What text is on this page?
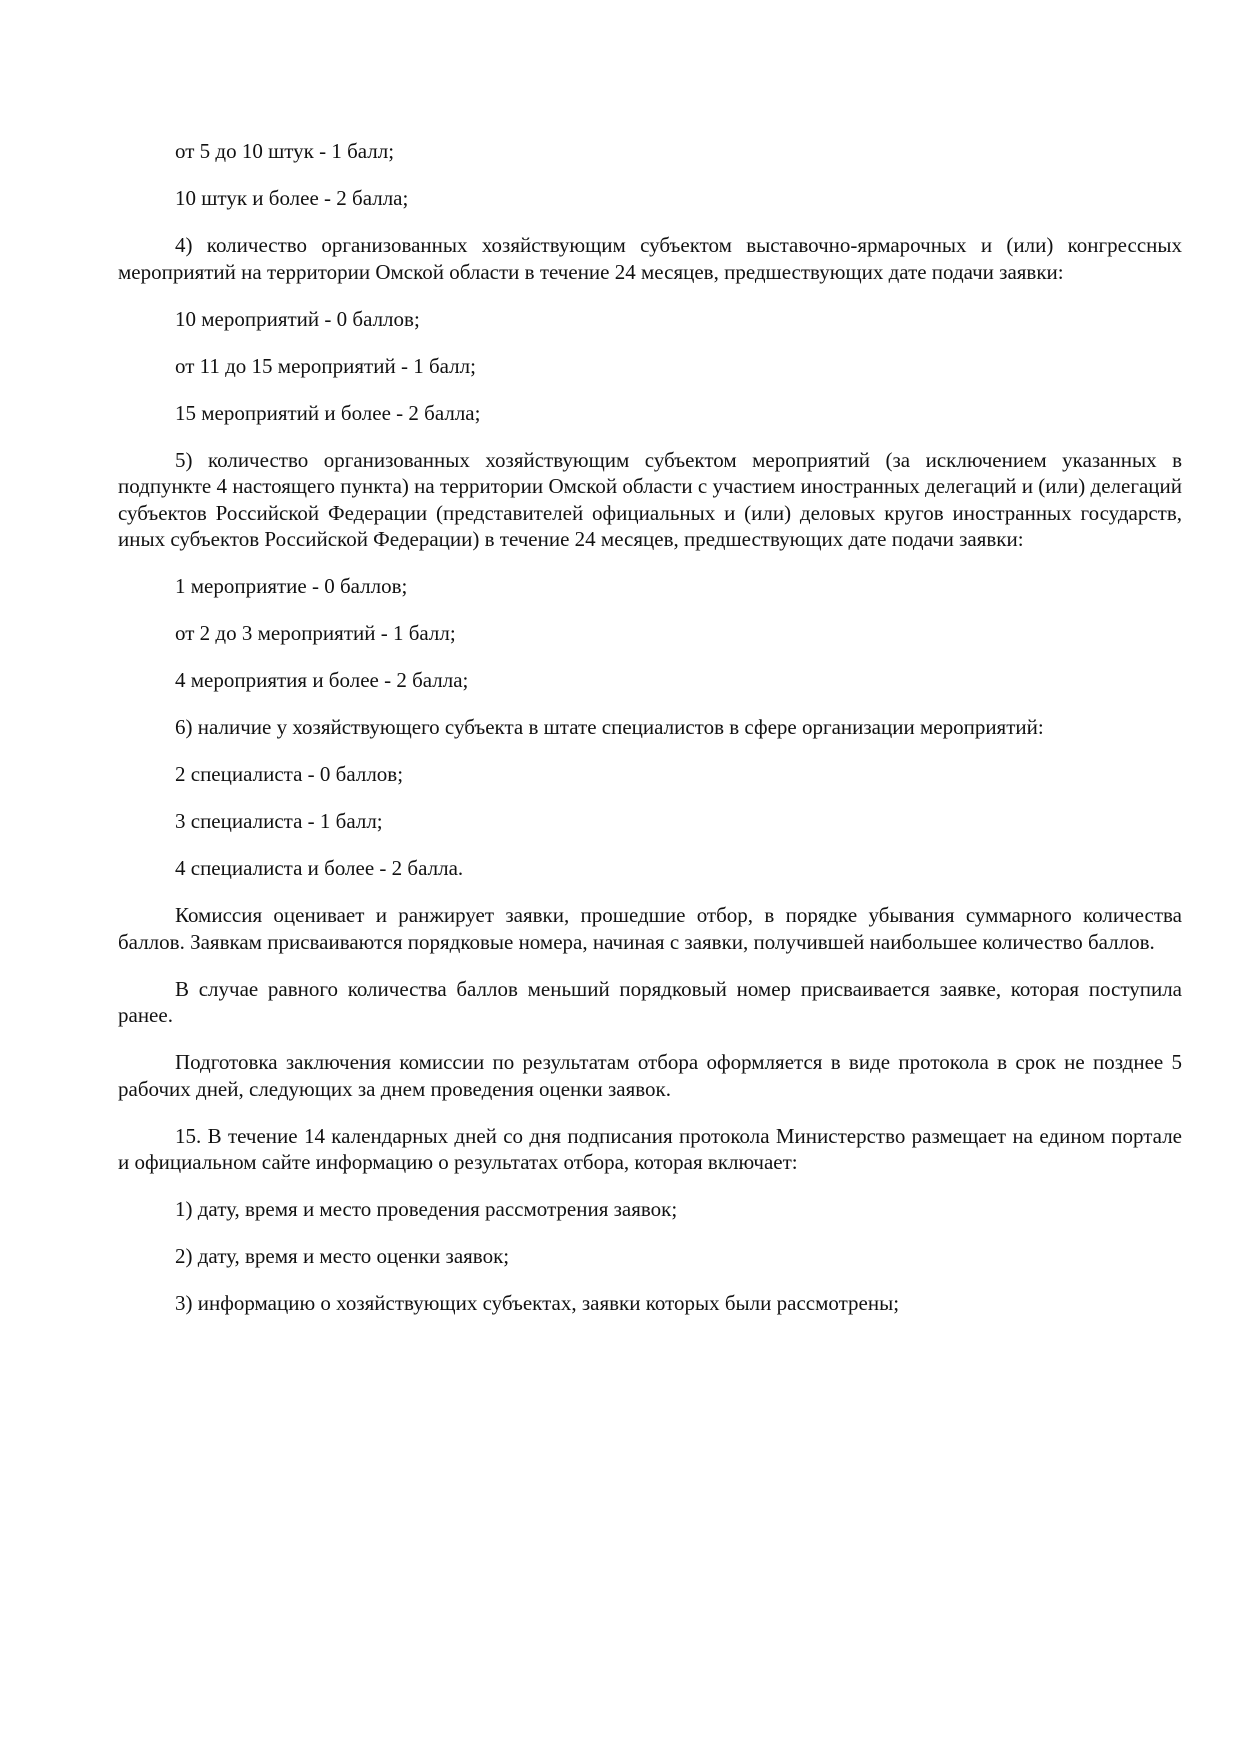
от 5 до 10 штук - 1 балл;

10 штук и более - 2 балла;

4) количество организованных хозяйствующим субъектом выставочно-ярмарочных и (или) конгрессных мероприятий на территории Омской области в течение 24 месяцев, предшествующих дате подачи заявки:

10 мероприятий - 0 баллов;

от 11 до 15 мероприятий - 1 балл;

15 мероприятий и более - 2 балла;

5) количество организованных хозяйствующим субъектом мероприятий (за исключением указанных в подпункте 4 настоящего пункта) на территории Омской области с участием иностранных делегаций и (или) делегаций субъектов Российской Федерации (представителей официальных и (или) деловых кругов иностранных государств, иных субъектов Российской Федерации) в течение 24 месяцев, предшествующих дате подачи заявки:

1 мероприятие - 0 баллов;

от 2 до 3 мероприятий - 1 балл;

4 мероприятия и более - 2 балла;

6) наличие у хозяйствующего субъекта в штате специалистов в сфере организации мероприятий:

2 специалиста - 0 баллов;

3 специалиста - 1 балл;

4 специалиста и более - 2 балла.

Комиссия оценивает и ранжирует заявки, прошедшие отбор, в порядке убывания суммарного количества баллов. Заявкам присваиваются порядковые номера, начиная с заявки, получившей наибольшее количество баллов.

В случае равного количества баллов меньший порядковый номер присваивается заявке, которая поступила ранее.

Подготовка заключения комиссии по результатам отбора оформляется в виде протокола в срок не позднее 5 рабочих дней, следующих за днем проведения оценки заявок.

15. В течение 14 календарных дней со дня подписания протокола Министерство размещает на едином портале и официальном сайте информацию о результатах отбора, которая включает:

1) дату, время и место проведения рассмотрения заявок;

2) дату, время и место оценки заявок;

3) информацию о хозяйствующих субъектах, заявки которых были рассмотрены;
